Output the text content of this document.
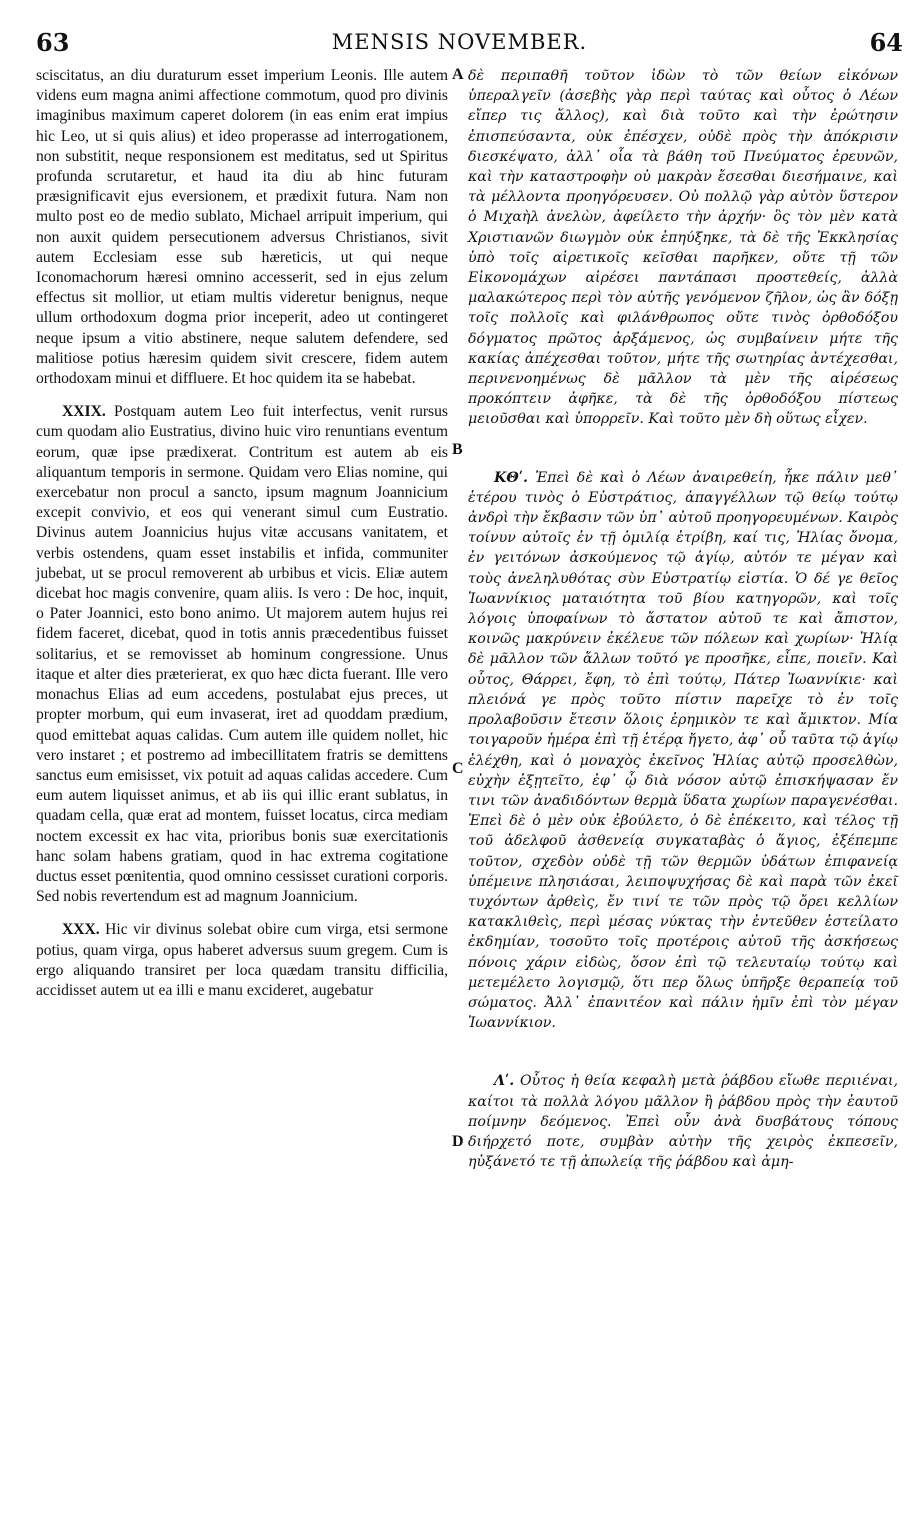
63	MENSIS NOVEMBER.	64

sciscitatus, an diu duraturum esset imperium Leonis. Ille autem videns eum magna animi affectione commotum, quod pro divinis imaginibus maximum caperet dolorem (in eas enim erat impius hic Leo, ut si quis alius) et ideo properasse ad interrogationem, non substitit, neque responsionem est meditatus, sed ut Spiritus profunda scrutaretur, et haud ita diu ab hinc futuram præsignificavit ejus eversionem, et prædixit futura. Nam non multo post eo de medio sublato, Michael arripuit imperium, qui non auxit quidem persecutionem adversus Christianos, sivit autem Ecclesiam esse sub hæreticis, ut qui neque Iconomachorum hæresi omnino accesserit, sed in ejus zelum effectus sit mollior, ut etiam multis videretur benignus, neque ullum orthodoxum dogma prior inceperit, adeo ut contingeret neque ipsum a vitio abstinere, neque salutem defendere, sed malitiose potius hæresim quidem sivit crescere, fidem autem orthodoxam minui et diffluere. Et hoc quidem ita se habebat.

XXIX. Postquam autem Leo fuit interfectus, venit rursus cum quodam alio Eustratius, divino huic viro renuntians eventum eorum, quæ ipse prædixerat. Contritum est autem ab eis aliquantum temporis in sermone. Quidam vero Elias nomine, qui exercebatur non procul a sancto, ipsum magnum Joannicium excepit convivio, et eos qui venerant simul cum Eustratio. Divinus autem Joannicius hujus vitæ accusans vanitatem, et verbis ostendens, quam esset instabilis et infida, communiter jubebat, ut se procul removerent ab urbibus et vicis. Eliæ autem dicebat hoc magis convenire, quam aliis. Is vero : De hoc, inquit, o Pater Joannici, esto bono animo. Ut majorem autem hujus rei fidem faceret, dicebat, quod in totis annis præcedentibus fuisset solitarius, et se removisset ab hominum congressione. Unus itaque et alter dies præterierat, ex quo hæc dicta fuerant. Ille vero monachus Elias ad eum accedens, postulabat ejus preces, ut propter morbum, qui eum invaserat, iret ad quoddam prædium, quod emittebat aquas calidas. Cum autem ille quidem nollet, hic vero instaret ; et postremo ad imbecillitatem fratris se demittens sanctus eum emisisset, vix potuit ad aquas calidas accedere. Cum eum autem liquisset animus, et ab iis qui illic erant sublatus, in quadam cella, quæ erat ad montem, fuisset locatus, circa mediam noctem excessit ex hac vita, prioribus bonis suæ exercitationis hanc solam habens gratiam, quod in hac extrema cogitatione ductus esset pœnitentia, quod omnino cessisset curationi corporis. Sed nobis revertendum est ad magnum Joannicium.

XXX. Hic vir divinus solebat obire cum virga, etsi sermone potius, quam virga, opus haberet adversus suum gregem. Cum is ergo aliquando transiret per loca quædam transitu difficilia, accidisset autem ut ea illi e manu excideret, augebatur

A
B
C
D

δὲ περιπαθῆ τοῦτον ἰδὼν τὸ τῶν θείων εἰκόνων ὑπεραλγεῖν (ἀσεβὴς γὰρ περὶ ταύτας καὶ οὗτος ὁ Λέων εἴπερ τις ἄλλος), καὶ διὰ τοῦτο καὶ τὴν ἐρώτησιν ἐπισπεύσαντα, οὐκ ἐπέσχεν, οὐδὲ πρὸς τὴν ἀπόκρισιν διεσκέψατο, ἀλλ᾽ οἷα τὰ βάθη τοῦ Πνεύματος ἐρευνῶν, καὶ τὴν καταστροφὴν οὐ μακρὰν ἔσεσθαι διεσήμαινε, καὶ τὰ μέλλοντα προηγόρευσεν. Οὐ πολλῷ γὰρ αὐτὸν ὕστερον ὁ Μιχαὴλ ἀνελὼν, ἀφείλετο τὴν ἀρχήν· ὃς τὸν μὲν κατὰ Χριστιανῶν διωγμὸν οὐκ ἐπηύξηκε, τὰ δὲ τῆς Ἐκκλησίας ὑπὸ τοῖς αἱρετικοῖς κεῖσθαι παρῆκεν, οὔτε τῇ τῶν Εἰκονομάχων αἱρέσει παντάπασι προστεθείς, ἀλλὰ μαλακώτερος περὶ τὸν αὐτῆς γενόμενον ζῆλον, ὡς ἂν δόξῃ τοῖς πολλοῖς καὶ φιλάνθρωπος οὔτε τινὸς ὀρθοδόξου δόγματος πρῶτος ἀρξάμενος, ὡς συμβαίνειν μήτε τῆς κακίας ἀπέχεσθαι τοῦτον, μήτε τῆς σωτηρίας ἀντέχεσθαι, περινενοημένως δὲ μᾶλλον τὰ μὲν τῆς αἱρέσεως προκόπτειν ἀφῆκε, τὰ δὲ τῆς ὀρθοδόξου πίστεως μειοῦσθαι καὶ ὑπορρεῖν. Καὶ τοῦτο μὲν δὴ οὕτως εἶχεν.

ΚΘʹ. Ἐπεὶ δὲ καὶ ὁ Λέων ἀναιρεθείη, ἧκε πάλιν μεθ᾽ ἑτέρου τινὸς ὁ Εὐστράτιος, ἀπαγγέλλων τῷ θείῳ τούτῳ ἀνδρὶ τὴν ἔκβασιν τῶν ὑπ᾽ αὐτοῦ προηγορευμένων. Καιρὸς τοίνυν αὐτοῖς ἐν τῇ ὁμιλίᾳ ἐτρίβη, καί τις, Ἠλίας ὄνομα, ἐν γειτόνων ἀσκούμενος τῷ ἁγίῳ, αὐτόν τε μέγαν καὶ τοὺς ἀνεληλυθότας σὺν Εὐστρατίῳ εἱστία. Ὁ δέ γε θεῖος Ἰωαννίκιος ματαιότητα τοῦ βίου κατηγορῶν, καὶ τοῖς λόγοις ὑποφαίνων τὸ ἄστατον αὐτοῦ τε καὶ ἄπιστον, κοινῶς μακρύνειν ἐκέλευε τῶν πόλεων καὶ χωρίων· Ἠλίᾳ δὲ μᾶλλον τῶν ἄλλων τοῦτό γε προσῆκε, εἶπε, ποιεῖν. Καὶ οὗτος, Θάρρει, ἔφη, τὸ ἐπὶ τούτῳ, Πάτερ Ἰωαννίκιε· καὶ πλειόνά γε πρὸς τοῦτο πίστιν παρεῖχε τὸ ἐν τοῖς προλαβοῦσιν ἔτεσιν ὅλοις ἐρημικὸν τε καὶ ἄμικτον. Μία τοιγαροῦν ἡμέρα ἐπὶ τῇ ἑτέρᾳ ἤγετο, ἀφ᾽ οὗ ταῦτα τῷ ἁγίῳ ἐλέχθη, καὶ ὁ μοναχὸς ἐκεῖνος Ἠλίας αὐτῷ προσελθὼν, εὐχὴν ἐξῃτεῖτο, ἐφ᾽ ᾧ διὰ νόσον αὐτῷ ἐπισκήψασαν ἔν τινι τῶν ἀναδιδόντων θερμὰ ὕδατα χωρίων παραγενέσθαι. Ἐπεὶ δὲ ὁ μὲν οὐκ ἐβούλετο, ὁ δὲ ἐπέκειτο, καὶ τέλος τῇ τοῦ ἀδελφοῦ ἀσθενείᾳ συγκαταβὰς ὁ ἅγιος, ἐξέπεμπε τοῦτον, σχεδὸν οὐδὲ τῇ τῶν θερμῶν ὑδάτων ἐπιφανείᾳ ὑπέμεινε πλησιάσαι, λειποψυχήσας δὲ καὶ παρὰ τῶν ἐκεῖ τυχόντων ἀρθεὶς, ἔν τινί τε τῶν πρὸς τῷ ὄρει κελλίων κατακλιθεὶς, περὶ μέσας νύκτας τὴν ἐντεῦθεν ἐστείλατο ἐκδημίαν, τοσοῦτο τοῖς προτέροις αὐτοῦ τῆς ἀσκήσεως πόνοις χάριν εἰδὼς, ὅσον ἐπὶ τῷ τελευταίῳ τούτῳ καὶ μετεμέλετο λογισμῷ, ὅτι περ ὅλως ὑπῆρξε θεραπείᾳ τοῦ σώματος. Ἀλλ᾽ ἐπανιτέον καὶ πάλιν ἡμῖν ἐπὶ τὸν μέγαν Ἰωαννίκιον.

Λʹ. Οὗτος ἡ θεία κεφαλὴ μετὰ ῥάβδου εἴωθε περιιέναι, καίτοι τὰ πολλὰ λόγου μᾶλλον ἢ ῥάβδου πρὸς τὴν ἑαυτοῦ ποίμνην δεόμενος. Ἐπεὶ οὖν ἀνὰ δυσβάτους τόπους διήρχετό ποτε, συμβὰν αὐτὴν τῆς χειρὸς ἐκπεσεῖν, ηὐξάνετό τε τῇ ἀπωλείᾳ τῆς ῥάβδου καὶ ἀμη-
